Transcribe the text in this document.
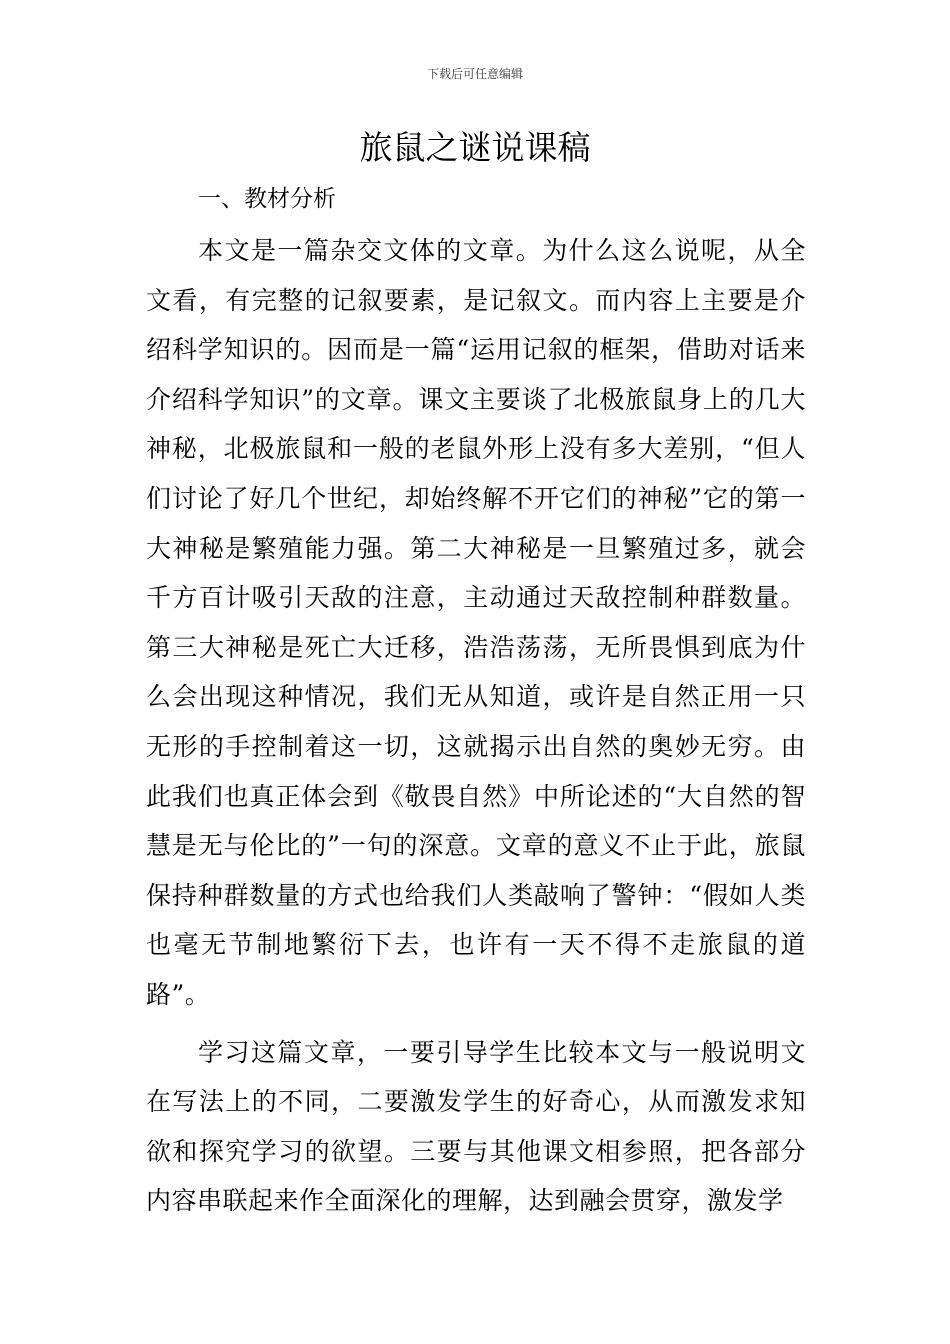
下载后可任意编辑
旅鼠之谜说课稿
一、教材分析

本文是一篇杂交文体的文章。为什么这么说呢，从全文看，有完整的记叙要素，是记叙文。而内容上主要是介绍科学知识的。因而是一篇“运用记叙的框架，借助对话来介绍科学知识”的文章。课文主要谈了北极旅鼠身上的几大神秘，北极旅鼠和一般的老鼠外形上没有多大差别，“但人们讨论了好几个世纪，却始终解不开它们的神秘”它的第一大神秘是繁殖能力强。第二大神秘是一旦繁殖过多，就会千方百计吸引天敌的注意，主动通过天敌控制种群数量。第三大神秘是死亡大迁移，浩浩荡荡，无所畏惧到底为什么会出现这种情况，我们无从知道，或许是自然正用一只无形的手控制着这一切，这就揭示出自然的奥妙无穷。由此我们也真正体会到《敬畏自然》中所论述的“大自然的智慧是无与伦比的”一句的深意。文章的意义不止于此，旅鼠保持种群数量的方式也给我们人类敲响了警钟：“假如人类也毫无节制地繁衍下去，也许有一天不得不走旅鼠的道路”。

学习这篇文章，一要引导学生比较本文与一般说明文在写法上的不同，二要激发学生的好奇心，从而激发求知欲和探究学习的欲望。三要与其他课文相参照，把各部分内容串联起来作全面深化的理解，达到融会贯穿，激发学
